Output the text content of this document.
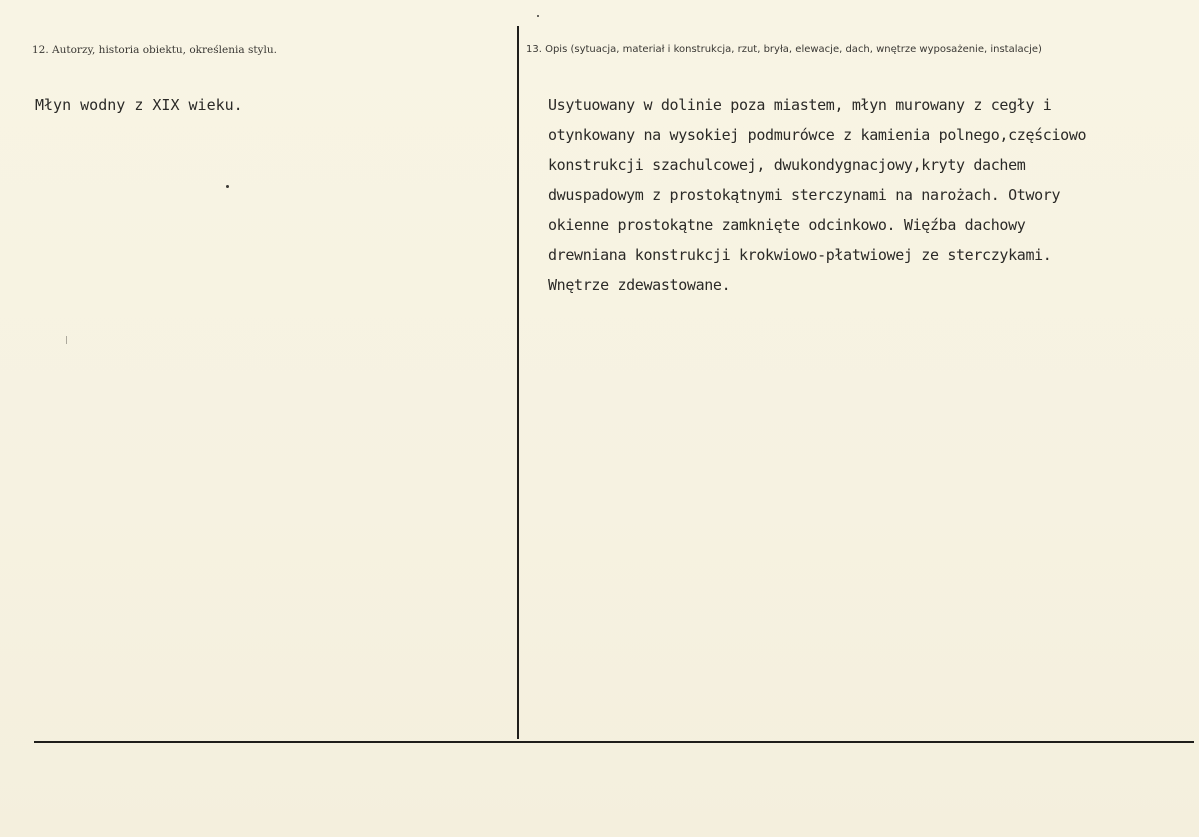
12. Autorzy, historia obiektu, określenia stylu.	13. Opis (sytuacja, materiał i konstrukcja, rzut, bryła, elewacje, dach, wnętrze wyposażenie, instalacje)
Młyn wodny z XIX wieku.	Usytuowany w dolinie poza miastem, młyn murowany z cegły i
otynkowany na wysokiej podmurówce z kamienia polnego,częściowo
konstrukcji szachulcowej, dwukondygnacjowy,kryty dachem
dwuspadowym z prostokątnymi sterczynami na narożach. Otwory
okienne prostokątne zamknięte odcinkowo. Więźba dachowy
drewniana konstrukcji krokwiowo-płatwiowej ze sterczykami.
Wnętrze zdewastowane.
